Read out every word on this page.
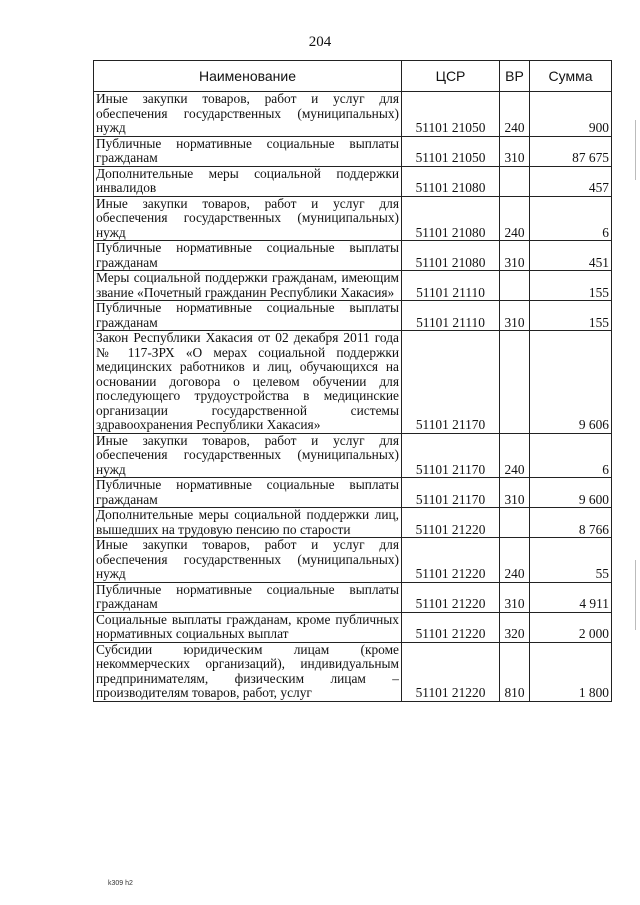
204
Наименование	ЦСР	ВР	Сумма
Иные закупки товаров, работ и услуг для обеспечения государственных (муниципальных) нужд	51101 21050	240	900
Публичные нормативные социальные выплаты гражданам	51101 21050	310	87 675
Дополнительные меры социальной поддержки инвалидов	51101 21080		457
Иные закупки товаров, работ и услуг для обеспечения государственных (муниципальных) нужд	51101 21080	240	6
Публичные нормативные социальные выплаты гражданам	51101 21080	310	451
Меры социальной поддержки гражданам, имеющим звание «Почетный гражданин Республики Хакасия»	51101 21110		155
Публичные нормативные социальные выплаты гражданам	51101 21110	310	155
Закон Республики Хакасия от 02 декабря 2011 года № 117-ЗРХ «О мерах социальной поддержки медицинских работников и лиц, обучающихся на основании договора о целевом обучении для последующего трудоустройства в медицинские организации государственной системы здравоохранения Республики Хакасия»	51101 21170		9 606
Иные закупки товаров, работ и услуг для обеспечения государственных (муниципальных) нужд	51101 21170	240	6
Публичные нормативные социальные выплаты гражданам	51101 21170	310	9 600
Дополнительные меры социальной поддержки лиц, вышедших на трудовую пенсию по старости	51101 21220		8 766
Иные закупки товаров, работ и услуг для обеспечения государственных (муниципальных) нужд	51101 21220	240	55
Публичные нормативные социальные выплаты гражданам	51101 21220	310	4 911
Социальные выплаты гражданам, кроме публичных нормативных социальных выплат	51101 21220	320	2 000
Субсидии юридическим лицам (кроме некоммерческих организаций), индивидуальным предпринимателям, физическим лицам – производителям товаров, работ, услуг	51101 21220	810	1 800
k309 h2
